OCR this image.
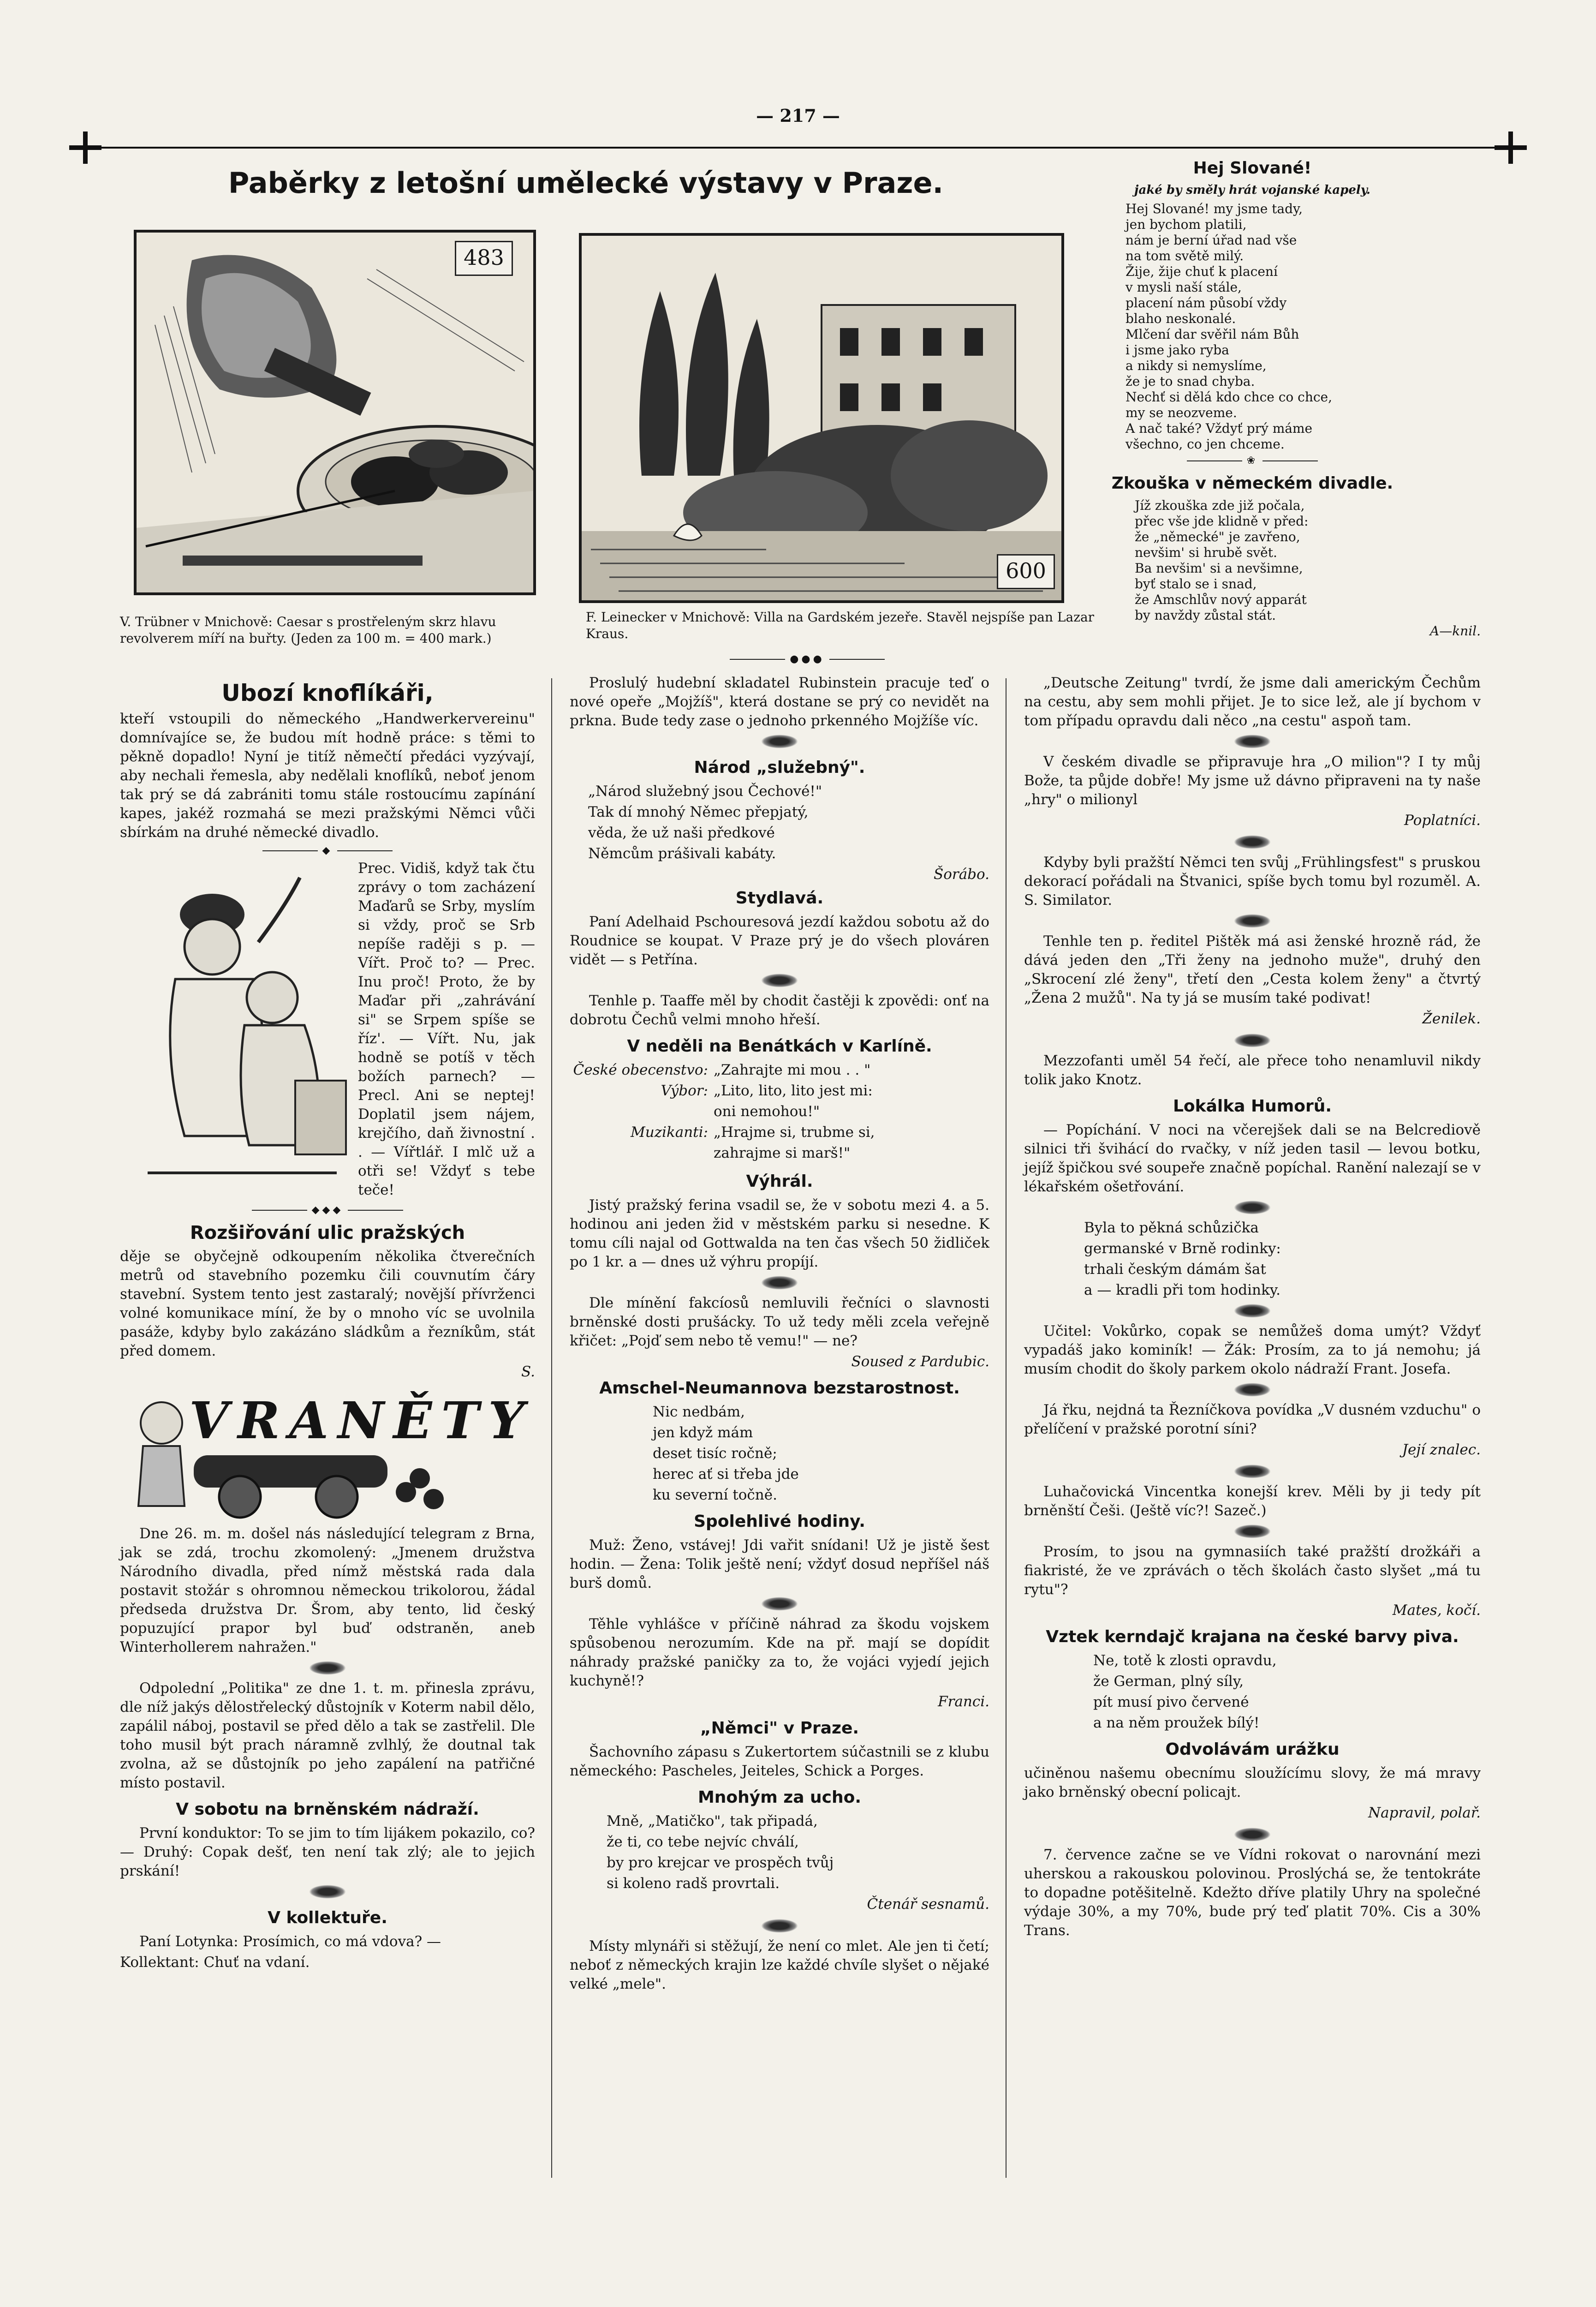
— 217 —
Paběrky z letošní umělecké výstavy v Praze.
483
V. Trübner v Mnichově: Caesar s prostřeleným skrz hlavu revolverem míří na buřty. (Jeden za 100 m. = 400 mark.)
600
F. Leinecker v Mnichově: Villa na Gardském jezeře. Stavěl nejspíše pan Lazar Kraus.
●●●
Ubozí knoflíkáři,

kteří vstoupili do německého „Handwerkervereinu" domnívajíce se, že budou mít hodně práce: s těmi to pěkně dopadlo! Nyní je titíž němečtí předáci vyzývají, aby nechali řemesla, aby nedělali knoflíků, neboť jenom tak prý se dá zabrániti tomu stále rostoucímu zapínání kapes, jakéž rozmahá se mezi pražskými Němci vůči sbírkám na druhé německé divadlo.

◆

Prec. Vidiš, když tak čtu zprávy o tom zacházení Maďarů se Srby, myslím si vždy, proč se Srb nepíše raději s p. — Vířt. Proč to? — Prec. Inu proč! Proto, že by Maďar při „zahrávání si" se Srpem spíše se říz'. — Vířt. Nu, jak hodně se potíš v těch božích parnech? — Precl. Ani se neptej! Doplatil jsem nájem, krejčího, daň živnostní . . — Vířtlář. I mlč už a otři se! Vždyť s tebe teče!

◆◆◆
Rozšiřování ulic pražských

děje se obyčejně odkoupením několika čtverečních metrů od stavebního pozemku čili couvnutím čáry stavební. System tento jest zastaralý; novější přívrženci volné komunikace míní, že by o mnoho víc se uvolnila pasáže, kdyby bylo zakázáno sládkům a řezníkům, stát před domem.

S.
VRANĚTY

Dne 26. m. m. došel nás následující telegram z Brna, jak se zdá, trochu zkomolený: „Jmenem družstva Národního divadla, před nímž městská rada dala postavit stožár s ohromnou německou trikolorou, žádal předseda družstva Dr. Šrom, aby tento, lid český popuzující prapor byl buď odstraněn, aneb Winterhollerem nahražen."

Odpolední „Politika" ze dne 1. t. m. přinesla zprávu, dle níž jakýs dělostřelecký důstojník v Koterm nabil dělo, zapálil náboj, postavil se před dělo a tak se zastřelil. Dle toho musil být prach náramně zvlhlý, že doutnal tak zvolna, až se důstojník po jeho zapálení na patřičné místo postavil.

V sobotu na brněnském nádraží.

První konduktor: To se jim to tím lijákem pokazilo, co? — Druhý: Copak dešť, ten není tak zlý; ale to jejich prskání!

V kollektuře.

Paní Lotynka: Prosímich, co má vdova? —

Kollektant: Chuť na vdaní.

Proslulý hudební skladatel Rubinstein pracuje teď o nové opeře „Mojžíš", která dostane se prý co nevidět na prkna. Bude tedy zase o jednoho prkenného Mojžíše víc.

Národ „služebný".
„Národ služebný jsou Čechové!"
Tak dí mnohý Němec přepjatý,
věda, že už naši předkové
Němcům prášivali kabáty.
Šorábo.
Stydlavá.

Paní Adelhaid Pschouresová jezdí každou sobotu až do Roudnice se koupat. V Praze prý je do všech plováren vidět — s Petřína.

Tenhle p. Taaffe měl by chodit častěji k zpovědi: onť na dobrotu Čechů velmi mnoho hřeší.

V neděli na Benátkách v Karlíně.
České obecenstvo: „Zahrajte mi mou . . "
Výbor: „Lito, lito, lito jest mi:
oni nemohou!"
Muzikanti: „Hrajme si, trubme si,
zahrajme si marš!"
Výhrál.

Jistý pražský ferina vsadil se, že v sobotu mezi 4. a 5. hodinou ani jeden žid v městském parku si nesedne. K tomu cíli najal od Gottwalda na ten čas všech 50 židliček po 1 kr. a — dnes už výhru propíjí.

Dle mínění fakcíosů nemluvili řečníci o slavnosti brněnské dosti prušácky. To už tedy měli zcela veřejně křičet: „Pojď sem nebo tě vemu!" — ne?

Soused z Pardubic.
Amschel-Neumannova bezstarostnost.
Nic nedbám,
jen když mám
deset tisíc ročně;
herec ať si třeba jde
ku severní točně.
Spolehlivé hodiny.

Muž: Ženo, vstávej! Jdi vařit snídani! Už je jistě šest hodin. — Žena: Tolik ještě není; vždyť dosud nepříšel náš burš domů.

Těhle vyhlášce v příčině náhrad za škodu vojskem spůsobenou nerozumím. Kde na př. mají se dopídit náhrady pražské paničky za to, že vojáci vyjedí jejich kuchyně!?

Franci.
„Němci" v Praze.

Šachovního zápasu s Zukertortem súčastnili se z klubu německého: Pascheles, Jeiteles, Schick a Porges.

Mnohým za ucho.
Mně, „Matičko", tak připadá,
že ti, co tebe nejvíc chválí,
by pro krejcar ve prospěch tvůj
si koleno radš provrtali.
Čtenář sesnamů.

Místy mlynáři si stěžují, že není co mlet. Ale jen ti četí; neboť z německých krajin lze každé chvíle slyšet o nějaké velké „mele".

Hej Slované!
jaké by směly hrát vojanské kapely.
Hej Slované! my jsme tady,
jen bychom platili,
nám je berní úřad nad vše
na tom světě milý.
Žije, žije chuť k placení
v mysli naší stále,
placení nám působí vždy
blaho neskonalé.
Mlčení dar svěřil nám Bůh
i jsme jako ryba
a nikdy si nemyslíme,
že je to snad chyba.
Nechť si dělá kdo chce co chce,
my se neozveme.
A nač také? Vždyť prý máme
všechno, co jen chceme.
❀
Zkouška v německém divadle.
Jíž zkouška zde již počala,
přec vše jde klidně v před:
že „německé" je zavřeno,
nevšim' si hrubě svět.
Ba nevšim' si a nevšimne,
byť stalo se i snad,
že Amschlův nový apparát
by navždy zůstal stát.
A—knil.

„Deutsche Zeitung" tvrdí, že jsme dali americkým Čechům na cestu, aby sem mohli přijet. Je to sice lež, ale jí bychom v tom případu opravdu dali něco „na cestu" aspoň tam.

V českém divadle se připravuje hra „O milion"? I ty můj Bože, ta půjde dobře! My jsme už dávno připraveni na ty naše „hry" o milionyl

Poplatníci.

Kdyby byli pražští Němci ten svůj „Frühlingsfest" s pruskou dekorací pořádali na Štvanici, spíše bych tomu byl rozuměl. A. S. Similator.

Tenhle ten p. ředitel Pištěk má asi ženské hrozně rád, že dává jeden den „Tři ženy na jednoho muže", druhý den „Skrocení zlé ženy", třetí den „Cesta kolem ženy" a čtvrtý „Žena 2 mužů". Na ty já se musím také podivat!

Ženilek.

Mezzofanti uměl 54 řečí, ale přece toho nenamluvil nikdy tolik jako Knotz.

Lokálka Humorů.

— Popíchání. V noci na včerejšek dali se na Belcrediově silnici tři švihácí do rvačky, v níž jeden tasil — levou botku, jejíž špičkou své soupeře značně popíchal. Ranění nalezají se v lékařském ošetřování.

Byla to pěkná schůzička
germanské v Brně rodinky:
trhali českým dámám šat
a — kradli při tom hodinky.

Učitel: Vokůrko, copak se nemůžeš doma umýt? Vždyť vypadáš jako kominík! — Žák: Prosím, za to já nemohu; já musím chodit do školy parkem okolo nádraží Frant. Josefa.

Já řku, nejdná ta Řezníčkova povídka „V dusném vzduchu" o přelíčení v pražské porotní síni?

Její znalec.

Luhačovická Vincentka konejší krev. Měli by ji tedy pít brněnští Češi. (Ještě víc?! Sazeč.)

Prosím, to jsou na gymnasiích také pražští drožkáři a fiakristé, že ve zprávách o těch školách často slyšet „má tu rytu"?

Mates, kočí.
Vztek kerndajč krajana na české barvy piva.
Ne, totě k zlosti opravdu,
že German, plný síly,
pít musí pivo červené
a na něm proužek bílý!
Odvolávám urážku

učiněnou našemu obecnímu sloužícímu slovy, že má mravy jako brněnský obecní policajt.

Napravil, polař.

7. července začne se ve Vídni rokovat o narovnání mezi uherskou a rakouskou polovinou. Proslýchá se, že tentokráte to dopadne potěšitelně. Kdežto dříve platily Uhry na společné výdaje 30%, a my 70%, bude prý teď platit 70%. Cis a 30% Trans.
